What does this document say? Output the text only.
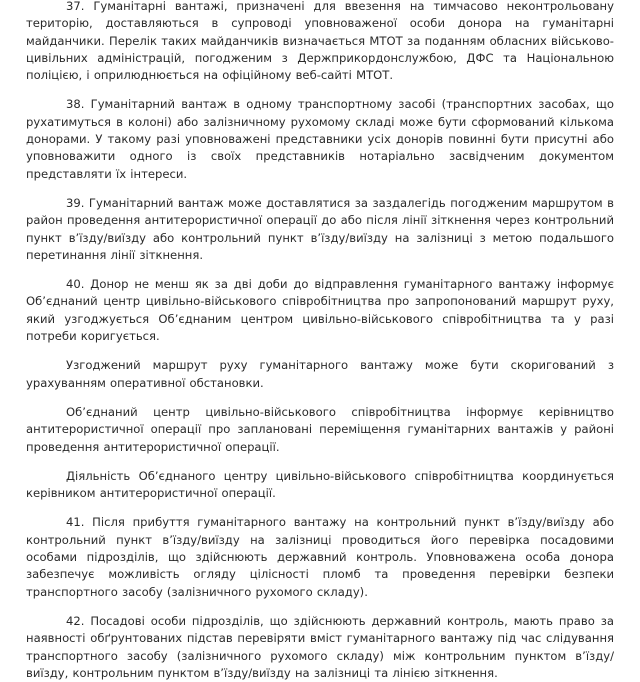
37. Гуманітарні вантажі, призначені для ввезення на тимчасово неконтрольовану територію, доставляються в супроводі уповноваженої особи донора на гуманітарні майданчики. Перелік таких майданчиків визначається МТОТ за поданням обласних військово-цивільних адміністрацій, погодженим з Держприкордонслужбою, ДФС та Національною поліцією, і оприлюднюється на офіційному веб-сайті МТОТ.

38. Гуманітарний вантаж в одному транспортному засобі (транспортних засобах, що рухатимуться в колоні) або залізничному рухомому складі може бути сформований кількома донорами. У такому разі уповноважені представники усіх донорів повинні бути присутні або уповноважити одного із своїх представників нотаріально засвідченим документом представляти їх інтереси.

39. Гуманітарний вантаж може доставлятися за заздалегідь погодженим маршрутом в район проведення антитерористичної операції до або після лінії зіткнення через контрольний пункт в’їзду/виїзду або контрольний пункт в’їзду/виїзду на залізниці з метою подальшого перетинання лінії зіткнення.

40. Донор не менш як за дві доби до відправлення гуманітарного вантажу інформує Об’єднаний центр цивільно-військового співробітництва про запропонований маршрут руху, який узгоджується Об’єднаним центром цивільно-військового співробітництва та у разі потреби коригується.

Узгоджений маршрут руху гуманітарного вантажу може бути скоригований з урахуванням оперативної обстановки.

Об’єднаний центр цивільно-військового співробітництва інформує керівництво антитерористичної операції про заплановані переміщення гуманітарних вантажів у районі проведення антитерористичної операції.

Діяльність Об’єднаного центру цивільно-військового співробітництва координується керівником антитерористичної операції.

41. Після прибуття гуманітарного вантажу на контрольний пункт в’їзду/виїзду або контрольний пункт в’їзду/виїзду на залізниці проводиться його перевірка посадовими особами підрозділів, що здійснюють державний контроль. Уповноважена особа донора забезпечує можливість огляду цілісності пломб та проведення перевірки безпеки транспортного засобу (залізничного рухомого складу).

42. Посадові особи підрозділів, що здійснюють державний контроль, мають право за наявності обґрунтованих підстав перевіряти вміст гуманітарного вантажу під час слідування транспортного засобу (залізничного рухомого складу) між контрольним пунктом в’їзду/виїзду, контрольним пунктом в’їзду/виїзду на залізниці та лінією зіткнення.
